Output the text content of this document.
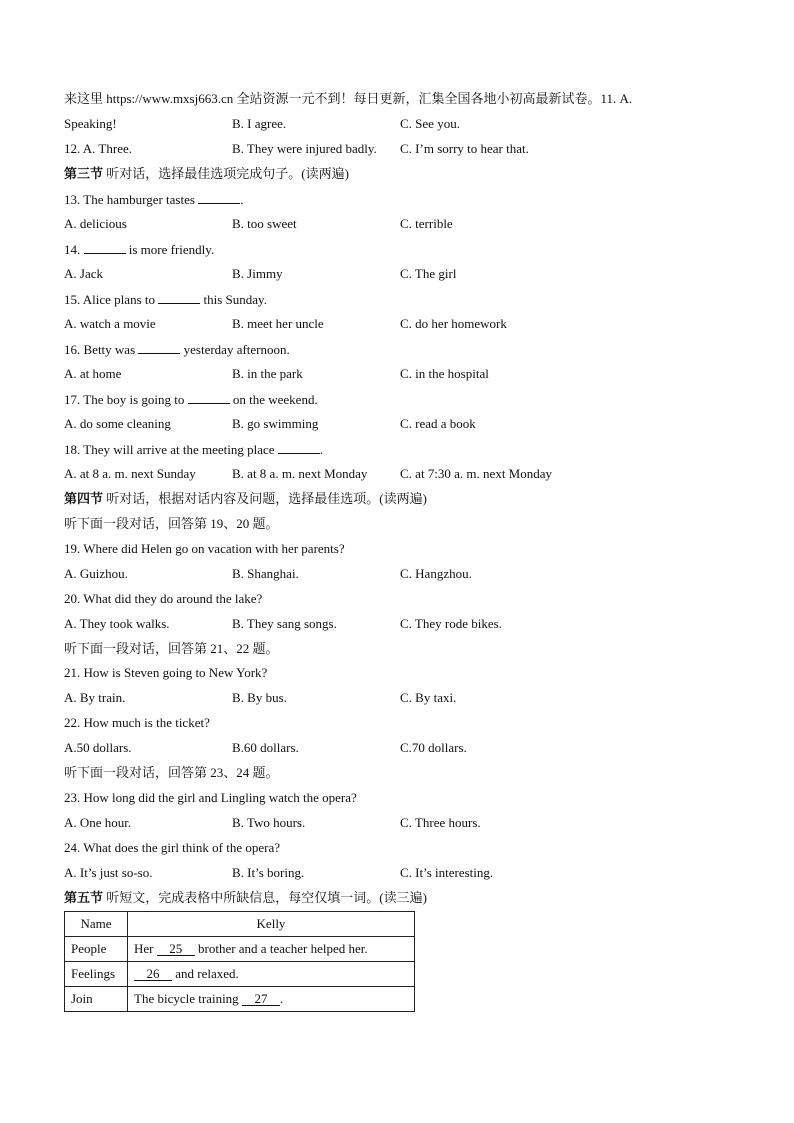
来这里 https://www.mxsj663.cn 全站资源一元不到！每日更新，汇集全国各地小初高最新试卷。11. A.
Speaking!	B. I agree.	C. See you.
12. A. Three.	B. They were injured badly. C. I’m sorry to hear that.
第三节 听对话，选择最佳选项完成句子。(读两遍)
13. The hamburger tastes	.
A. delicious	B. too sweet	C. terrible
14.	is more friendly.
A. Jack	B. Jimmy	C. The girl
15. Alice plans to	this Sunday.
A. watch a movie	B. meet her uncle	C. do her homework
16. Betty was	yesterday afternoon.
A. at home	B. in the park	C. in the hospital
17. The boy is going to	on the weekend.
A. do some cleaning	B. go swimming	C. read a book
18. They will arrive at the meeting place	.
A. at 8 a. m. next Sunday	B. at 8 a. m. next Monday	C. at 7:30 a. m. next Monday
第四节 听对话，根据对话内容及问题，选择最佳选项。(读两遍)
听下面一段对话，回答第 19、20 题。
19. Where did Helen go on vacation with her parents?
A. Guizhou.	B. Shanghai.	C. Hangzhou.
20. What did they do around the lake?
A. They took walks.	B. They sang songs.	C. They rode bikes.
听下面一段对话，回答第 21、22 题。
21. How is Steven going to New York?
A. By train.	B. By bus.	C. By taxi.
22. How much is the ticket?
A.50 dollars.	B.60 dollars.	C.70 dollars.
听下面一段对话，回答第 23、24 题。
23. How long did the girl and Lingling watch the opera?
A. One hour.	B. Two hours.	C. Three hours.
24. What does the girl think of the opera?
A. It’s just so-so.	B. It’s boring.	C. It’s interesting.
第五节 听短文，完成表格中所缺信息，每空仅填一词。(读三遍)
Name	Kelly
People	Her 25 brother and a teacher helped her.
Feelings	26 and relaxed.
Join	The bicycle training 27 .
